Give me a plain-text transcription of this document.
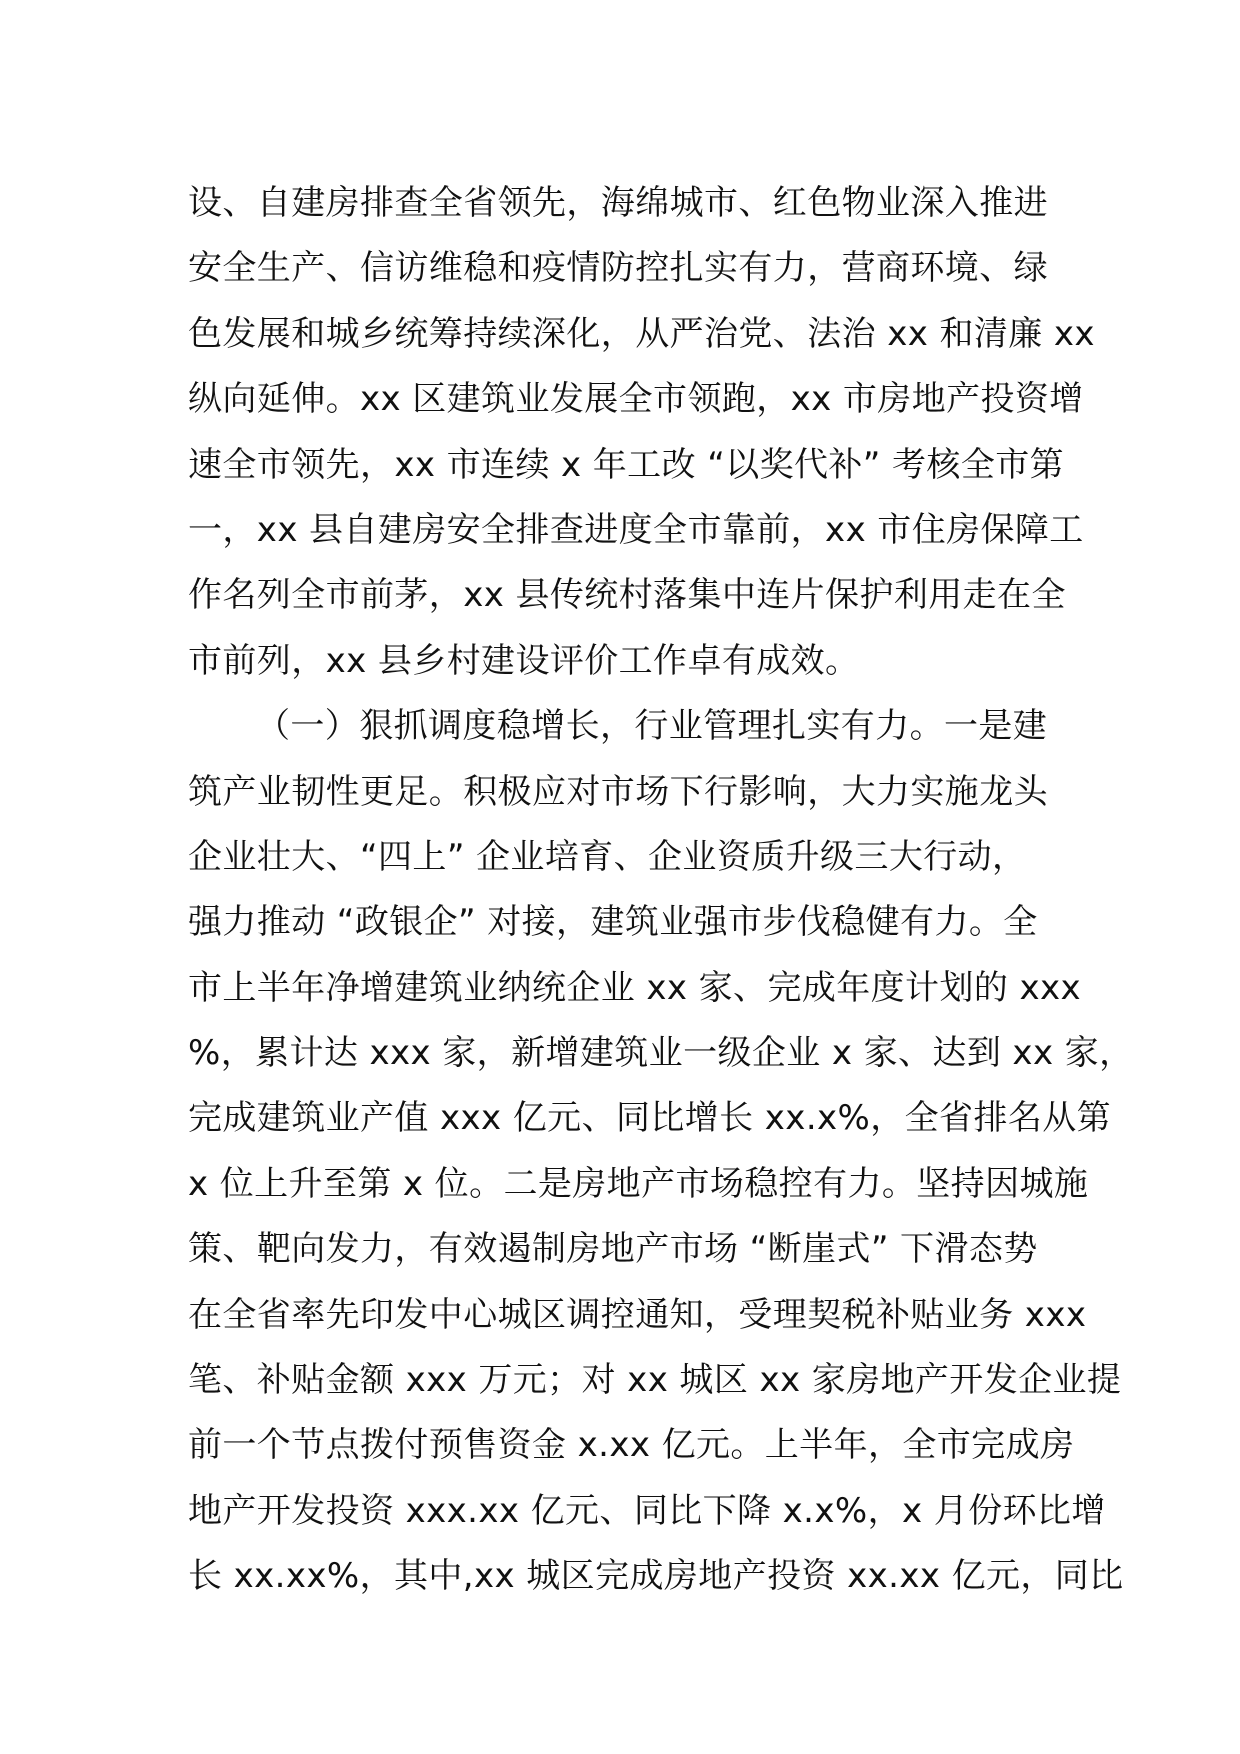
设、自建房排查全省领先，海绵城市、红色物业深入推进
安全生产、信访维稳和疫情防控扎实有力，营商环境、绿
色发展和城乡统筹持续深化，从严治党、法治 xx 和清廉 xx
纵向延伸。xx 区建筑业发展全市领跑，xx 市房地产投资增
速全市领先，xx 市连续 x 年工改 “以奖代补” 考核全市第
一，xx 县自建房安全排查进度全市靠前，xx 市住房保障工
作名列全市前茅，xx 县传统村落集中连片保护利用走在全
市前列，xx 县乡村建设评价工作卓有成效。
（一）狠抓调度稳增长，行业管理扎实有力。一是建
筑产业韧性更足。积极应对市场下行影响，大力实施龙头
企业壮大、“四上” 企业培育、企业资质升级三大行动，
强力推动 “政银企” 对接，建筑业强市步伐稳健有力。全
市上半年净增建筑业纳统企业 xx 家、完成年度计划的 xxx
%，累计达 xxx 家，新增建筑业一级企业 x 家、达到 xx 家，
完成建筑业产值 xxx 亿元、同比增长 xx.x%，全省排名从第
x 位上升至第 x 位。二是房地产市场稳控有力。坚持因城施
策、靶向发力，有效遏制房地产市场 “断崖式” 下滑态势
在全省率先印发中心城区调控通知，受理契税补贴业务 xxx
笔、补贴金额 xxx 万元；对 xx 城区 xx 家房地产开发企业提
前一个节点拨付预售资金 x.xx 亿元。上半年，全市完成房
地产开发投资 xxx.xx 亿元、同比下降 x.x%，x 月份环比增
长 xx.xx%，其中,xx 城区完成房地产投资 xx.xx 亿元，同比
